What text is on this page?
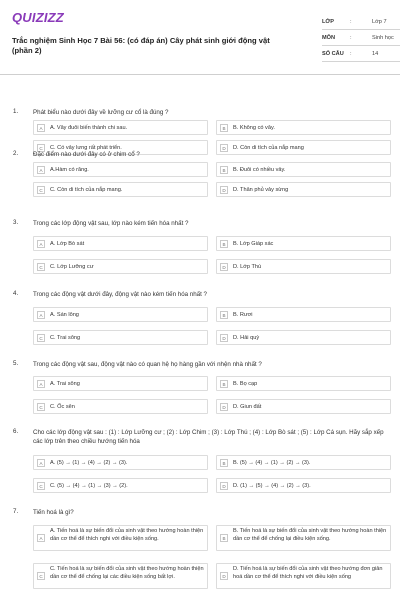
QUIZIZZ
Trắc nghiệm Sinh Học 7 Bài 56: (có đáp án) Cây phát sinh giới động vật (phần 2)
LỚP	:	Lớp 7
MÔN	:	Sinh học
SỐ CÂU :	14
1. Phát biểu nào dưới đây về lưỡng cư cổ là đúng ?
A	A. Vây đuôi biến thành chi sau.	B	B. Không có vây.
C	C. Có vảy lưng rất phát triển.	D	D. Còn di tích của nắp mang
2. Đặc điểm nào dưới đây có ở chim cổ ?
A	A.Hàm có răng.	B	B. Đuôi có nhiều vảy.
C	C. Còn di tích của nắp mang.	D	D. Thân phủ vảy sừng
3. Trong các lớp động vật sau, lớp nào kém tiến hóa nhất ?
A	A. Lớp Bò sát	B	B. Lớp Giáp xác
C	C. Lớp Lưỡng cư	D	D. Lớp Thú
4. Trong các động vật dưới đây, động vật nào kém tiến hóa nhất ?
A	A. Sán lông	B	B. Rươi
C	C. Trai sông	D	D. Hải quỳ
5. Trong các động vật sau, động vật nào có quan hệ họ hàng gần với nhện nhà nhất ?
A	A. Trai sông	B	B. Bọ cạp
C	C. Ốc sên	D	D. Giun đất
6. Cho các lớp động vật sau : (1) : Lớp Lưỡng cư ; (2) : Lớp Chim ; (3) : Lớp Thú ; (4) : Lớp Bò sát ; (5) : Lớp Cá sụn. Hãy sắp xếp các lớp trên theo chiều hướng tiến hóa
A	A. (5) → (1) → (4) → (2) → (3).	B	B. (5) → (4) → (1) → (2) → (3).
C	C. (5) → (4) → (1) → (3) → (2).	D	D. (1) → (5) → (4) → (2) → (3).
7. Tiến hoá là gì?
A
A. Tiến hoá là sự biến đổi của sinh vật theo hướng hoàn thiện dần cơ thể để thích nghi với điều kiện sống.	B
B. Tiến hoá là sự biến đổi của sinh vật theo hướng hoàn thiện dần cơ thể để chống lại điều kiện sống.
C
C. Tiến hoá là sự biến đổi của sinh vật theo hướng hoàn thiện dần cơ thể để chống lại các điều kiện sống bất lợi.	D
D. Tiến hoá là sự biến đổi của sinh vật theo hướng đơn giản hoá dần cơ thể để thích nghi với điều kiện sống
